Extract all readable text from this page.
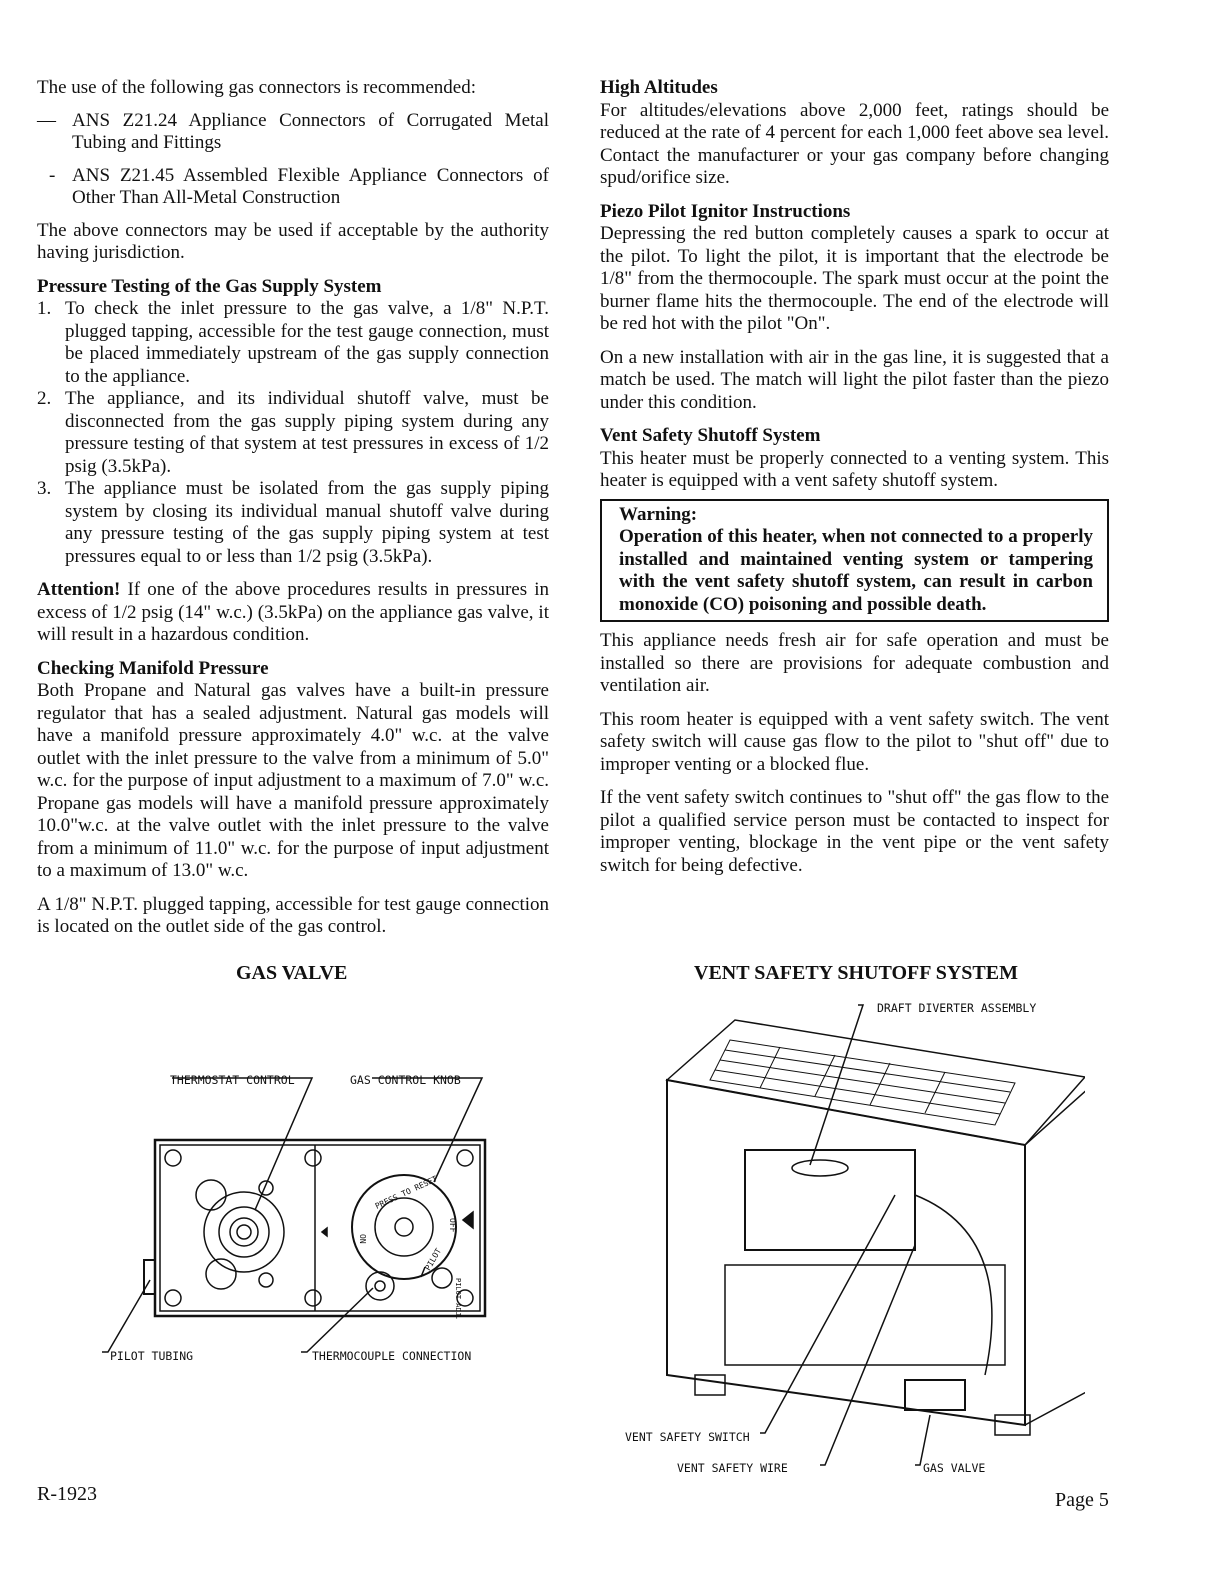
The use of the following gas connectors is recommended:

— ANS Z21.24 Appliance Connectors of Corrugated Metal Tubing and Fittings
- ANS Z21.45 Assembled Flexible Appliance Connectors of Other Than All-Metal Construction

The above connectors may be used if acceptable by the authority having jurisdiction.

Pressure Testing of the Gas Supply System
1. To check the inlet pressure to the gas valve, a 1/8" N.P.T. plugged tapping, accessible for the test gauge connection, must be placed immediately upstream of the gas supply connection to the appliance.
2. The appliance, and its individual shutoff valve, must be disconnected from the gas supply piping system during any pressure testing of that system at test pressures in excess of 1/2 psig (3.5kPa).
3. The appliance must be isolated from the gas supply piping system by closing its individual manual shutoff valve during any pressure testing of the gas supply piping system at test pressures equal to or less than 1/2 psig (3.5kPa).

Attention! If one of the above procedures results in pressures in excess of 1/2 psig (14" w.c.) (3.5kPa) on the appliance gas valve, it will result in a hazardous condition.

Checking Manifold Pressure

Both Propane and Natural gas valves have a built-in pressure regulator that has a sealed adjustment. Natural gas models will have a manifold pressure approximately 4.0" w.c. at the valve outlet with the inlet pressure to the valve from a minimum of 5.0" w.c. for the purpose of input adjustment to a maximum of 7.0" w.c. Propane gas models will have a manifold pressure approximately 10.0"w.c. at the valve outlet with the inlet pressure to the valve from a minimum of 11.0" w.c. for the purpose of input adjustment to a maximum of 13.0" w.c.

A 1/8" N.P.T. plugged tapping, accessible for test gauge connection is located on the outlet side of the gas control.

High Altitudes

For altitudes/elevations above 2,000 feet, ratings should be reduced at the rate of 4 percent for each 1,000 feet above sea level. Contact the manufacturer or your gas company before changing spud/orifice size.

Piezo Pilot Ignitor Instructions

Depressing the red button completely causes a spark to occur at the pilot. To light the pilot, it is important that the electrode be 1/8" from the thermocouple. The spark must occur at the point the burner flame hits the thermocouple. The end of the electrode will be red hot with the pilot "On".

On a new installation with air in the gas line, it is suggested that a match be used. The match will light the pilot faster than the piezo under this condition.

Vent Safety Shutoff System

This heater must be properly connected to a venting system. This heater is equipped with a vent safety shutoff system.

Warning:
Operation of this heater, when not connected to a properly installed and maintained venting system or tampering with the vent safety shutoff system, can result in carbon monoxide (CO) poisoning and possible death.

This appliance needs fresh air for safe operation and must be installed so there are provisions for adequate combustion and ventilation air.

This room heater is equipped with a vent safety switch. The vent safety switch will cause gas flow to the pilot to "shut off" due to improper venting or a blocked flue.

If the vent safety switch continues to "shut off" the gas flow to the pilot a qualified service person must be contacted to inspect for improper venting, blockage in the vent pipe or the vent safety switch for being defective.

GAS VALVE	VENT SAFETY SHUTOFF SYSTEM
THERMOSTAT CONTROL	GAS CONTROL KNOB
PILOT TUBING	THERMOCOUPLE CONNECTION
PRESS TO RESET
ON
OFF
PILOT
PILOT ADJ.
DRAFT DIVERTER ASSEMBLY
VENT SAFETY SWITCH
VENT SAFETY WIRE	GAS VALVE
R-1923	Page 5
